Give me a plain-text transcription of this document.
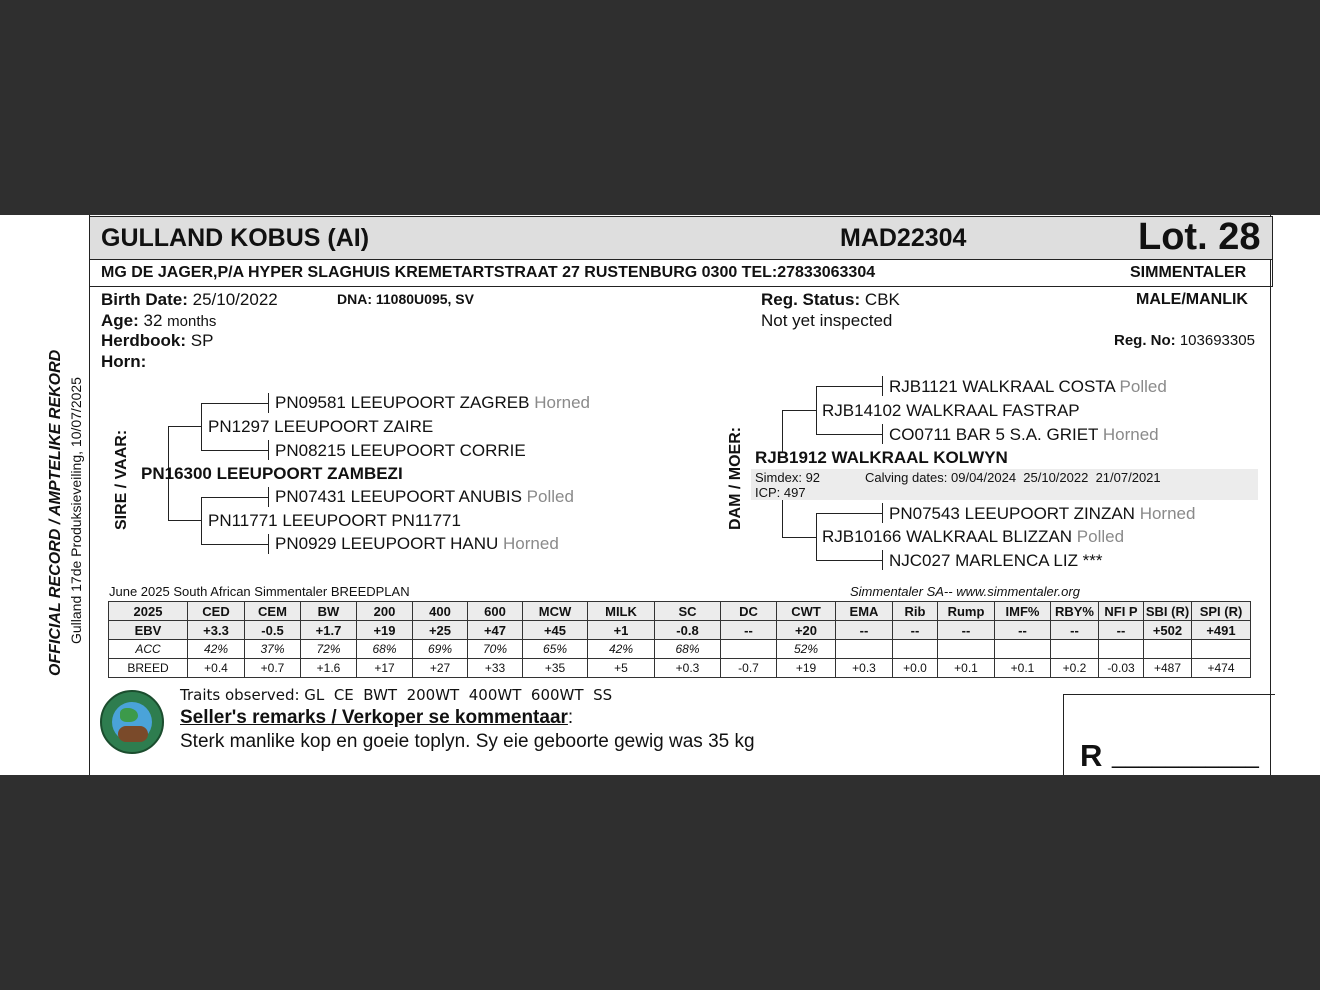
GULLAND KOBUS (AI)	MAD22304	Lot. 28
MG DE JAGER,P/A HYPER SLAGHUIS KREMETARTSTRAAT 27 RUSTENBURG 0300 TEL:27833063304	SIMMENTALER
Birth Date: 25/10/2022	DNA: 11080U095, SV
Age: 32 months
Herdbook: SP
Horn:
Reg. Status: CBK
Not yet inspected
MALE/MANLIK
Reg. No: 103693305
OFFICIAL RECORD / AMPTELIKE REKORD Gulland 17de Produksieveiling, 10/07/2025 SIRE / VAAR:	DAM / MOER:
PN09581 LEEUPOORT ZAGREB Horned
PN1297 LEEUPOORT ZAIRE
PN08215 LEEUPOORT CORRIE
PN16300 LEEUPOORT ZAMBEZI
PN07431 LEEUPOORT ANUBIS Polled
PN11771 LEEUPOORT PN11771
PN0929 LEEUPOORT HANU Horned
RJB1121 WALKRAAL COSTA Polled
RJB14102 WALKRAAL FASTRAP
CO0711 BAR 5 S.A. GRIET Horned
RJB1912 WALKRAAL KOLWYN
Simdex: 92
ICP: 497
Calving dates: 09/04/2024  25/10/2022  21/07/2021
PN07543 LEEUPOORT ZINZAN Horned
RJB10166 WALKRAAL BLIZZAN Polled
NJC027 MARLENCA LIZ ***
June 2025 South African Simmentaler BREEDPLAN	Simmentaler SA-- www.simmentaler.org
2025	CED	CEM	BW	200	400	600	MCW	MILK	SC	DC	CWT	EMA	Rib	Rump	IMF%	RBY%	NFI P	SBI (R)	SPI (R)
EBV	+3.3	-0.5	+1.7	+19	+25	+47	+45	+1	-0.8	--	+20	--	--	--	--	--	--	+502	+491
ACC	42%	37%	72%	68%	69%	70%	65%	42%	68%		52%								
BREED	+0.4	+0.7	+1.6	+17	+27	+33	+35	+5	+0.3	-0.7	+19	+0.3	+0.0	+0.1	+0.1	+0.2	-0.03	+487	+474
Traits observed: GL  CE  BWT  200WT  400WT  600WT  SS
Seller's remarks / Verkoper se kommentaar:
Sterk manlike kop en goeie toplyn. Sy eie geboorte gewig was 35 kg	R ___________
